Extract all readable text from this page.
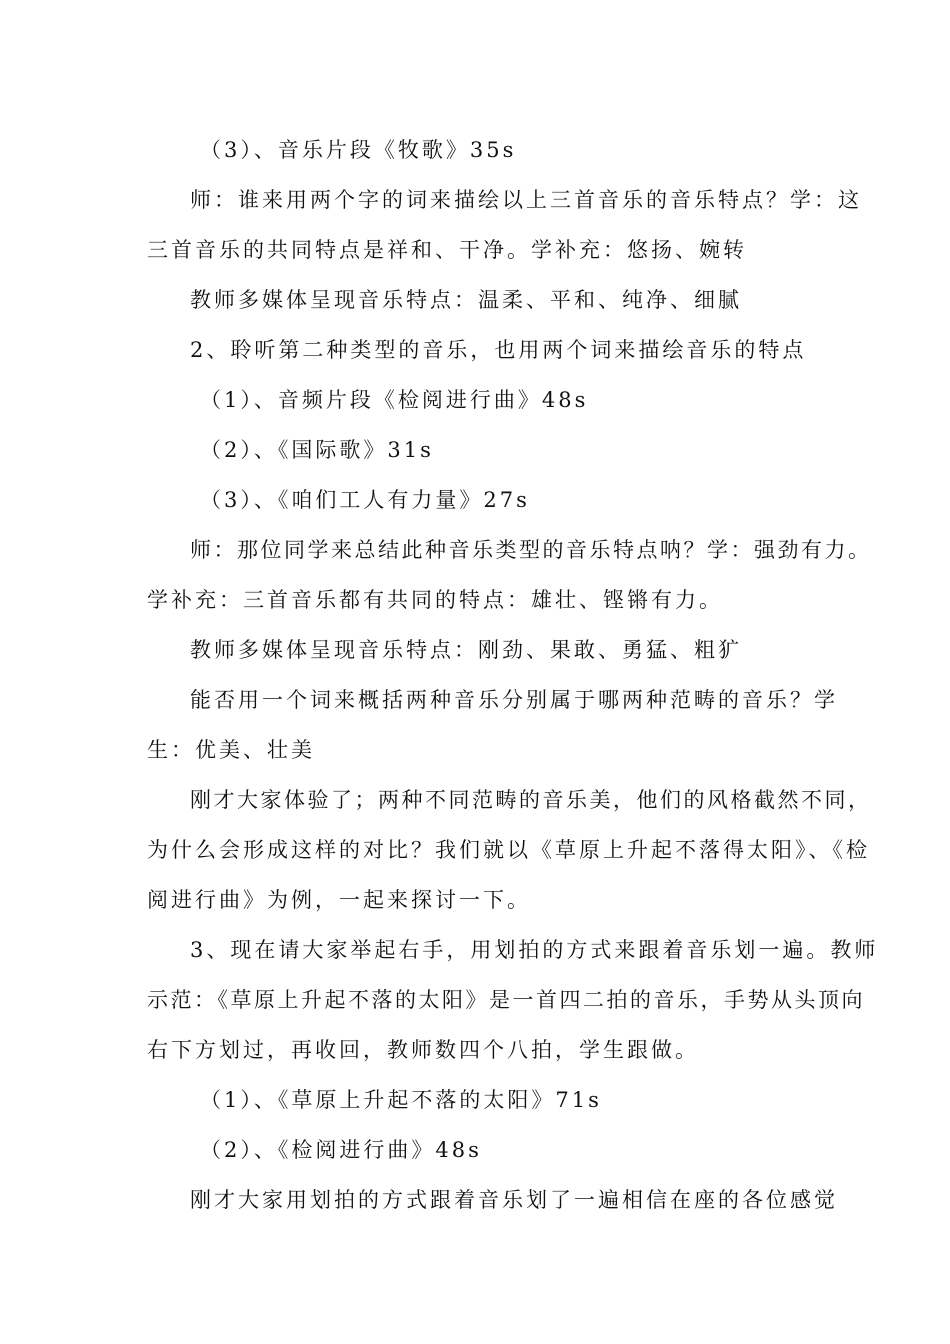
（3）、音乐片段《牧歌》35s
师：谁来用两个字的词来描绘以上三首音乐的音乐特点？学：这
三首音乐的共同特点是祥和、干净。学补充：悠扬、婉转
教师多媒体呈现音乐特点：温柔、平和、纯净、细腻
2、聆听第二种类型的音乐，也用两个词来描绘音乐的特点
（1）、音频片段《检阅进行曲》48s
（2）、《国际歌》31s
（3）、《咱们工人有力量》27s
师：那位同学来总结此种音乐类型的音乐特点呐？学：强劲有力。
学补充：三首音乐都有共同的特点：雄壮、铿锵有力。
教师多媒体呈现音乐特点：刚劲、果敢、勇猛、粗犷
能否用一个词来概括两种音乐分别属于哪两种范畴的音乐？学
生：优美、壮美
刚才大家体验了；两种不同范畴的音乐美，他们的风格截然不同，
为什么会形成这样的对比？我们就以《草原上升起不落得太阳》、《检
阅进行曲》为例，一起来探讨一下。
3、现在请大家举起右手，用划拍的方式来跟着音乐划一遍。教师
示范：《草原上升起不落的太阳》是一首四二拍的音乐，手势从头顶向
右下方划过，再收回，教师数四个八拍，学生跟做。
（1）、《草原上升起不落的太阳》71s
（2）、《检阅进行曲》48s
刚才大家用划拍的方式跟着音乐划了一遍相信在座的各位感觉
